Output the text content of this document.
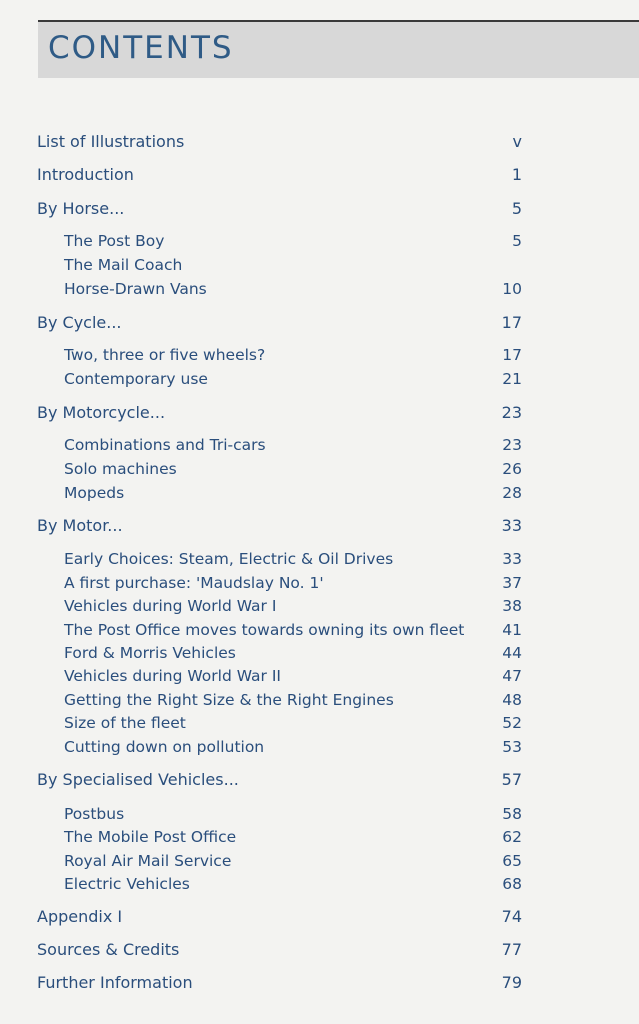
CONTENTS
List of Illustrations	v
Introduction	1
By Horse...	5
The Post Boy	5
The Mail Coach
Horse-Drawn Vans	10
By Cycle...	17
Two, three or five wheels?	17
Contemporary use	21
By Motorcycle...	23
Combinations and Tri-cars	23
Solo machines	26
Mopeds	28
By Motor...	33
Early Choices: Steam, Electric & Oil Drives	33
A first purchase: 'Maudslay No. 1'	37
Vehicles during World War I	38
The Post Office moves towards owning its own fleet	41
Ford & Morris Vehicles	44
Vehicles during World War II	47
Getting the Right Size & the Right Engines	48
Size of the fleet	52
Cutting down on pollution	53
By Specialised Vehicles...	57
Postbus	58
The Mobile Post Office	62
Royal Air Mail Service	65
Electric Vehicles	68
Appendix I	74
Sources & Credits	77
Further Information	79
